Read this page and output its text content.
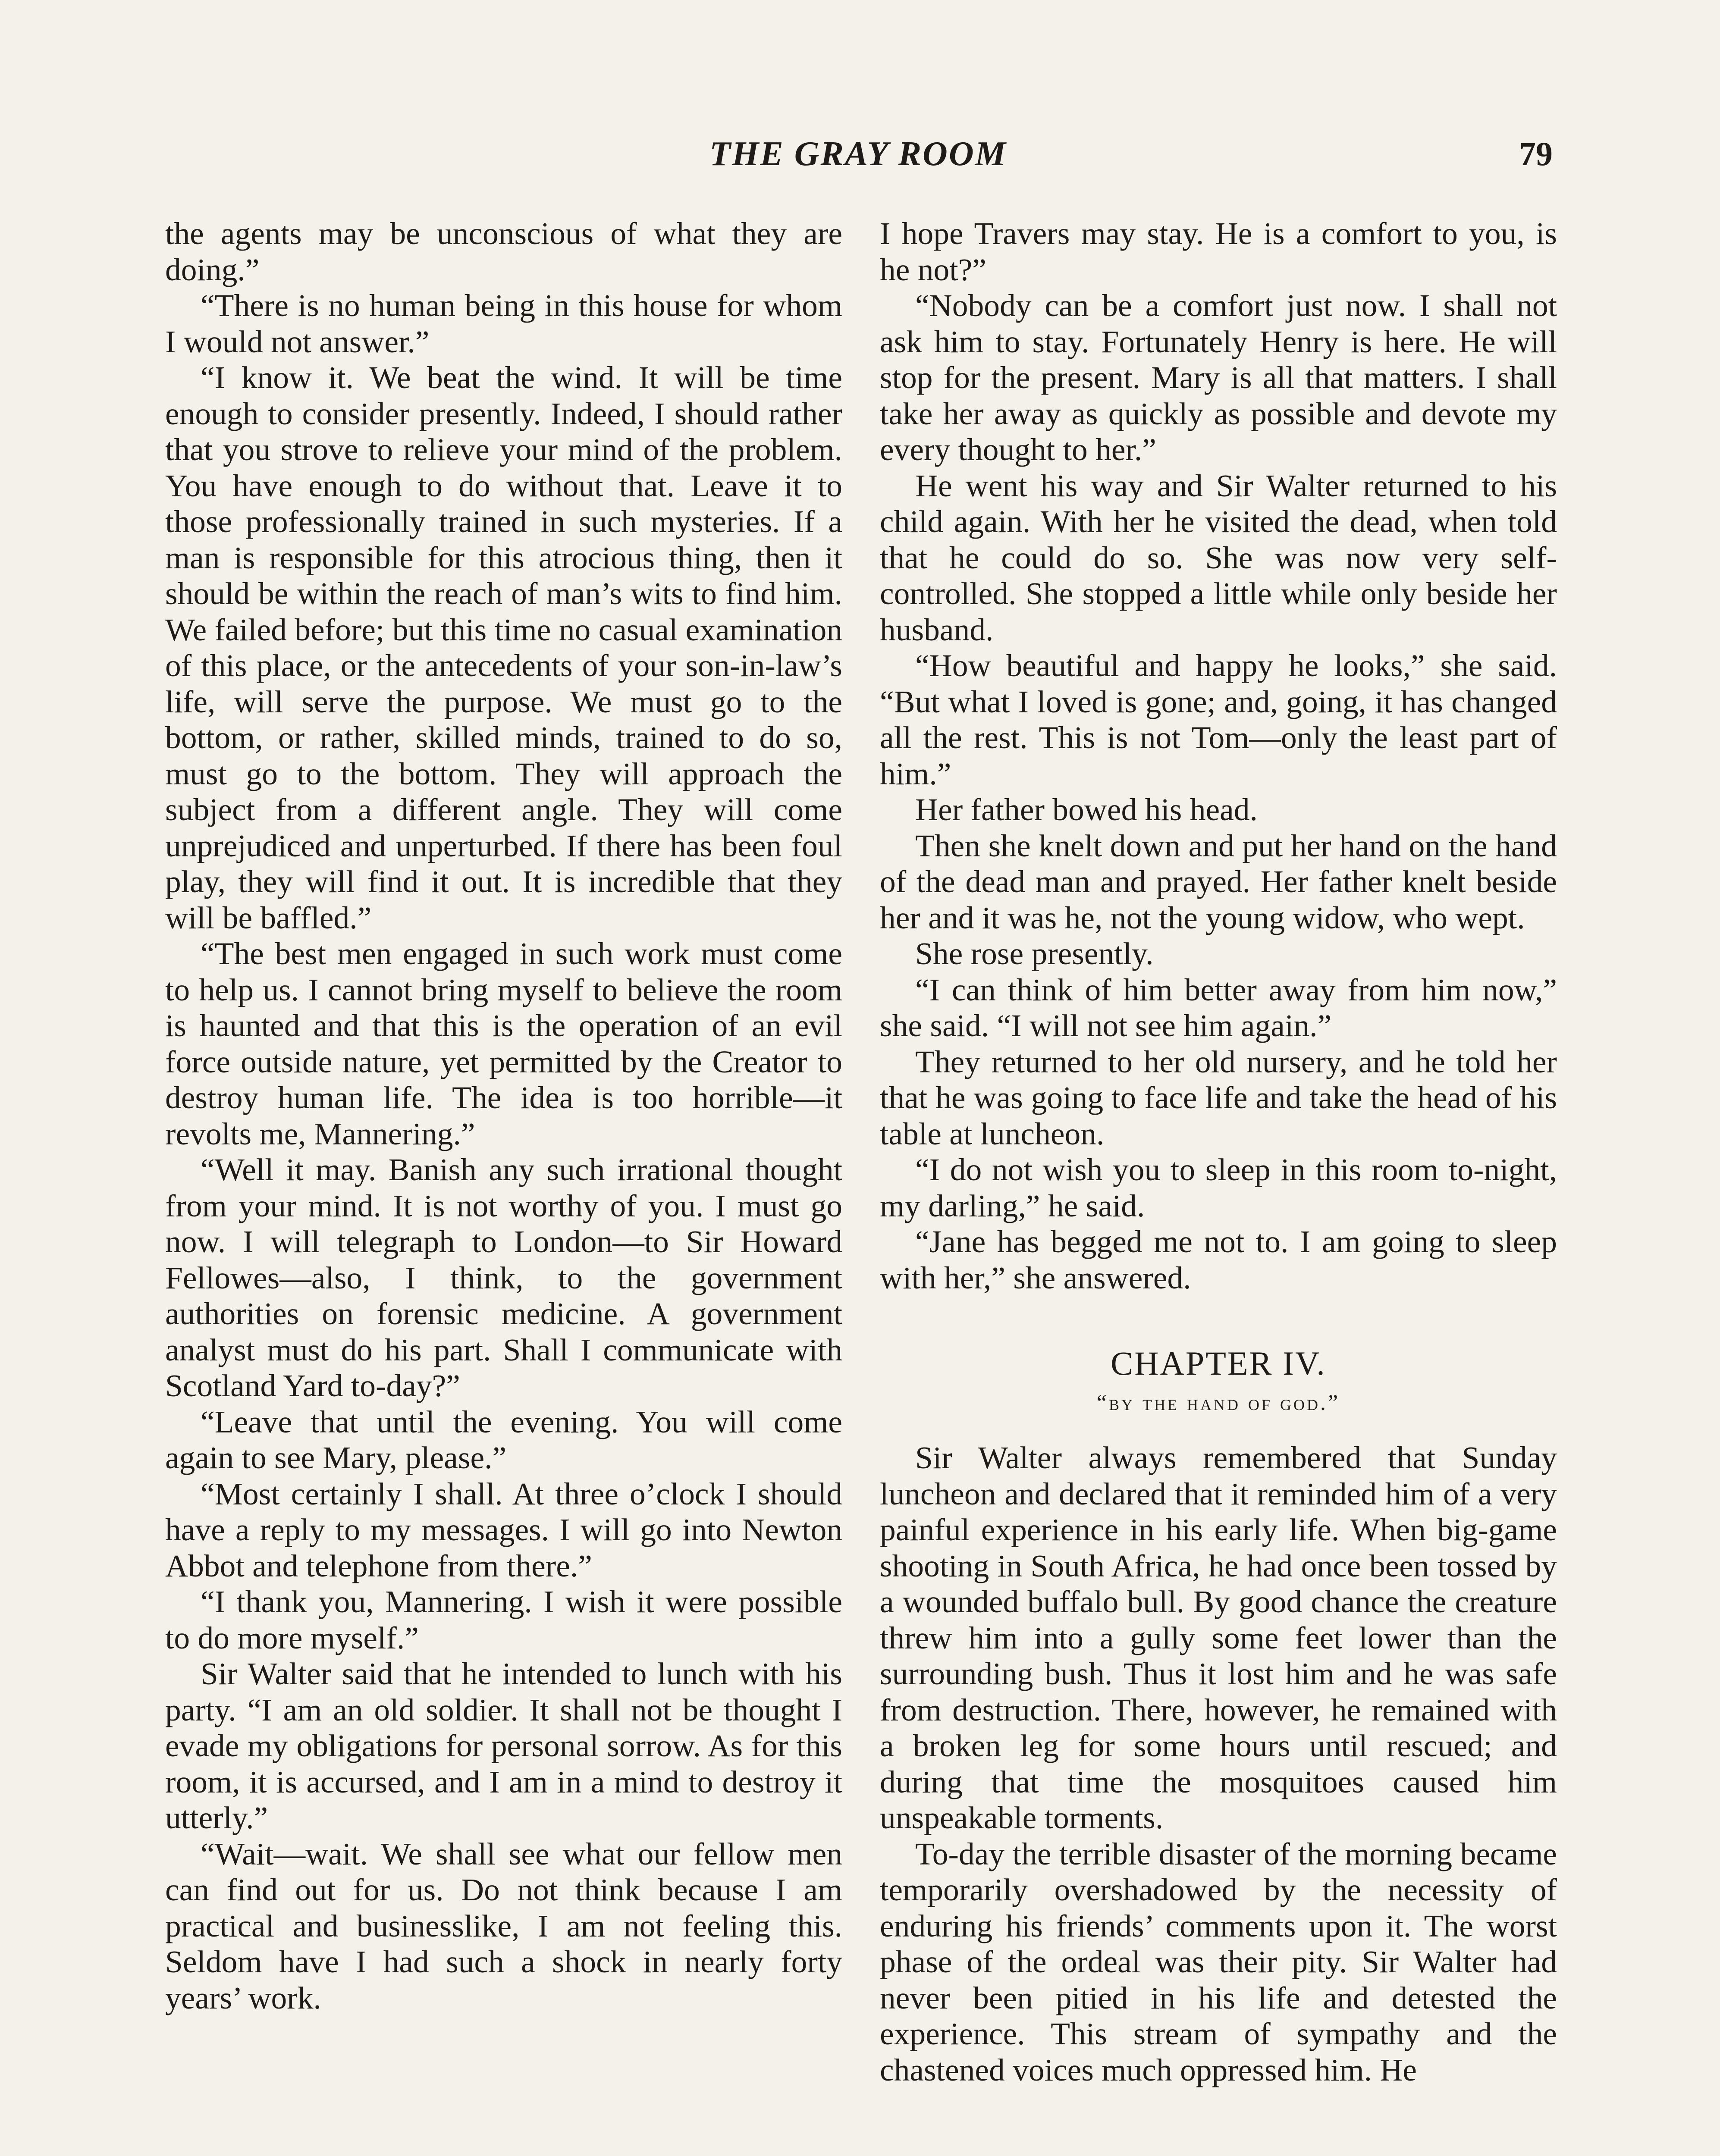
THE GRAY ROOM	79

the agents may be unconscious of what they are doing.”

“There is no human being in this house for whom I would not answer.”

“I know it. We beat the wind. It will be time enough to consider presently. Indeed, I should rather that you strove to relieve your mind of the problem. You have enough to do without that. Leave it to those professionally trained in such mysteries. If a man is responsible for this atrocious thing, then it should be within the reach of man’s wits to find him. We failed before; but this time no casual examination of this place, or the antecedents of your son-in-law’s life, will serve the purpose. We must go to the bottom, or rather, skilled minds, trained to do so, must go to the bottom. They will approach the subject from a different angle. They will come unprejudiced and unperturbed. If there has been foul play, they will find it out. It is incredible that they will be baffled.”

“The best men engaged in such work must come to help us. I cannot bring myself to believe the room is haunted and that this is the operation of an evil force outside nature, yet permitted by the Creator to destroy human life. The idea is too horrible—it revolts me, Mannering.”

“Well it may. Banish any such irrational thought from your mind. It is not worthy of you. I must go now. I will telegraph to London—to Sir Howard Fellowes—also, I think, to the government authorities on forensic medicine. A government analyst must do his part. Shall I communicate with Scotland Yard to-day?”

“Leave that until the evening. You will come again to see Mary, please.”

“Most certainly I shall. At three o’clock I should have a reply to my messages. I will go into Newton Abbot and telephone from there.”

“I thank you, Mannering. I wish it were possible to do more myself.”

Sir Walter said that he intended to lunch with his party. “I am an old soldier. It shall not be thought I evade my obligations for personal sorrow. As for this room, it is accursed, and I am in a mind to destroy it utterly.”

“Wait—wait. We shall see what our fellow men can find out for us. Do not think because I am practical and businesslike, I am not feeling this. Seldom have I had such a shock in nearly forty years’ work.

I hope Travers may stay. He is a comfort to you, is he not?”

“Nobody can be a comfort just now. I shall not ask him to stay. Fortunately Henry is here. He will stop for the present. Mary is all that matters. I shall take her away as quickly as possible and devote my every thought to her.”

He went his way and Sir Walter returned to his child again. With her he visited the dead, when told that he could do so. She was now very self-controlled. She stopped a little while only beside her husband.

“How beautiful and happy he looks,” she said. “But what I loved is gone; and, going, it has changed all the rest. This is not Tom—only the least part of him.”

Her father bowed his head.

Then she knelt down and put her hand on the hand of the dead man and prayed. Her father knelt beside her and it was he, not the young widow, who wept.

She rose presently.

“I can think of him better away from him now,” she said. “I will not see him again.”

They returned to her old nursery, and he told her that he was going to face life and take the head of his table at luncheon.

“I do not wish you to sleep in this room to-night, my darling,” he said.

“Jane has begged me not to. I am going to sleep with her,” she answered.

CHAPTER IV.
“by the hand of god.”

Sir Walter always remembered that Sunday luncheon and declared that it reminded him of a very painful experience in his early life. When big-game shooting in South Africa, he had once been tossed by a wounded buffalo bull. By good chance the creature threw him into a gully some feet lower than the surrounding bush. Thus it lost him and he was safe from destruction. There, however, he remained with a broken leg for some hours until rescued; and during that time the mosquitoes caused him unspeakable torments.

To-day the terrible disaster of the morning became temporarily overshadowed by the necessity of enduring his friends’ comments upon it. The worst phase of the ordeal was their pity. Sir Walter had never been pitied in his life and detested the experience. This stream of sympathy and the chastened voices much oppressed him. He
